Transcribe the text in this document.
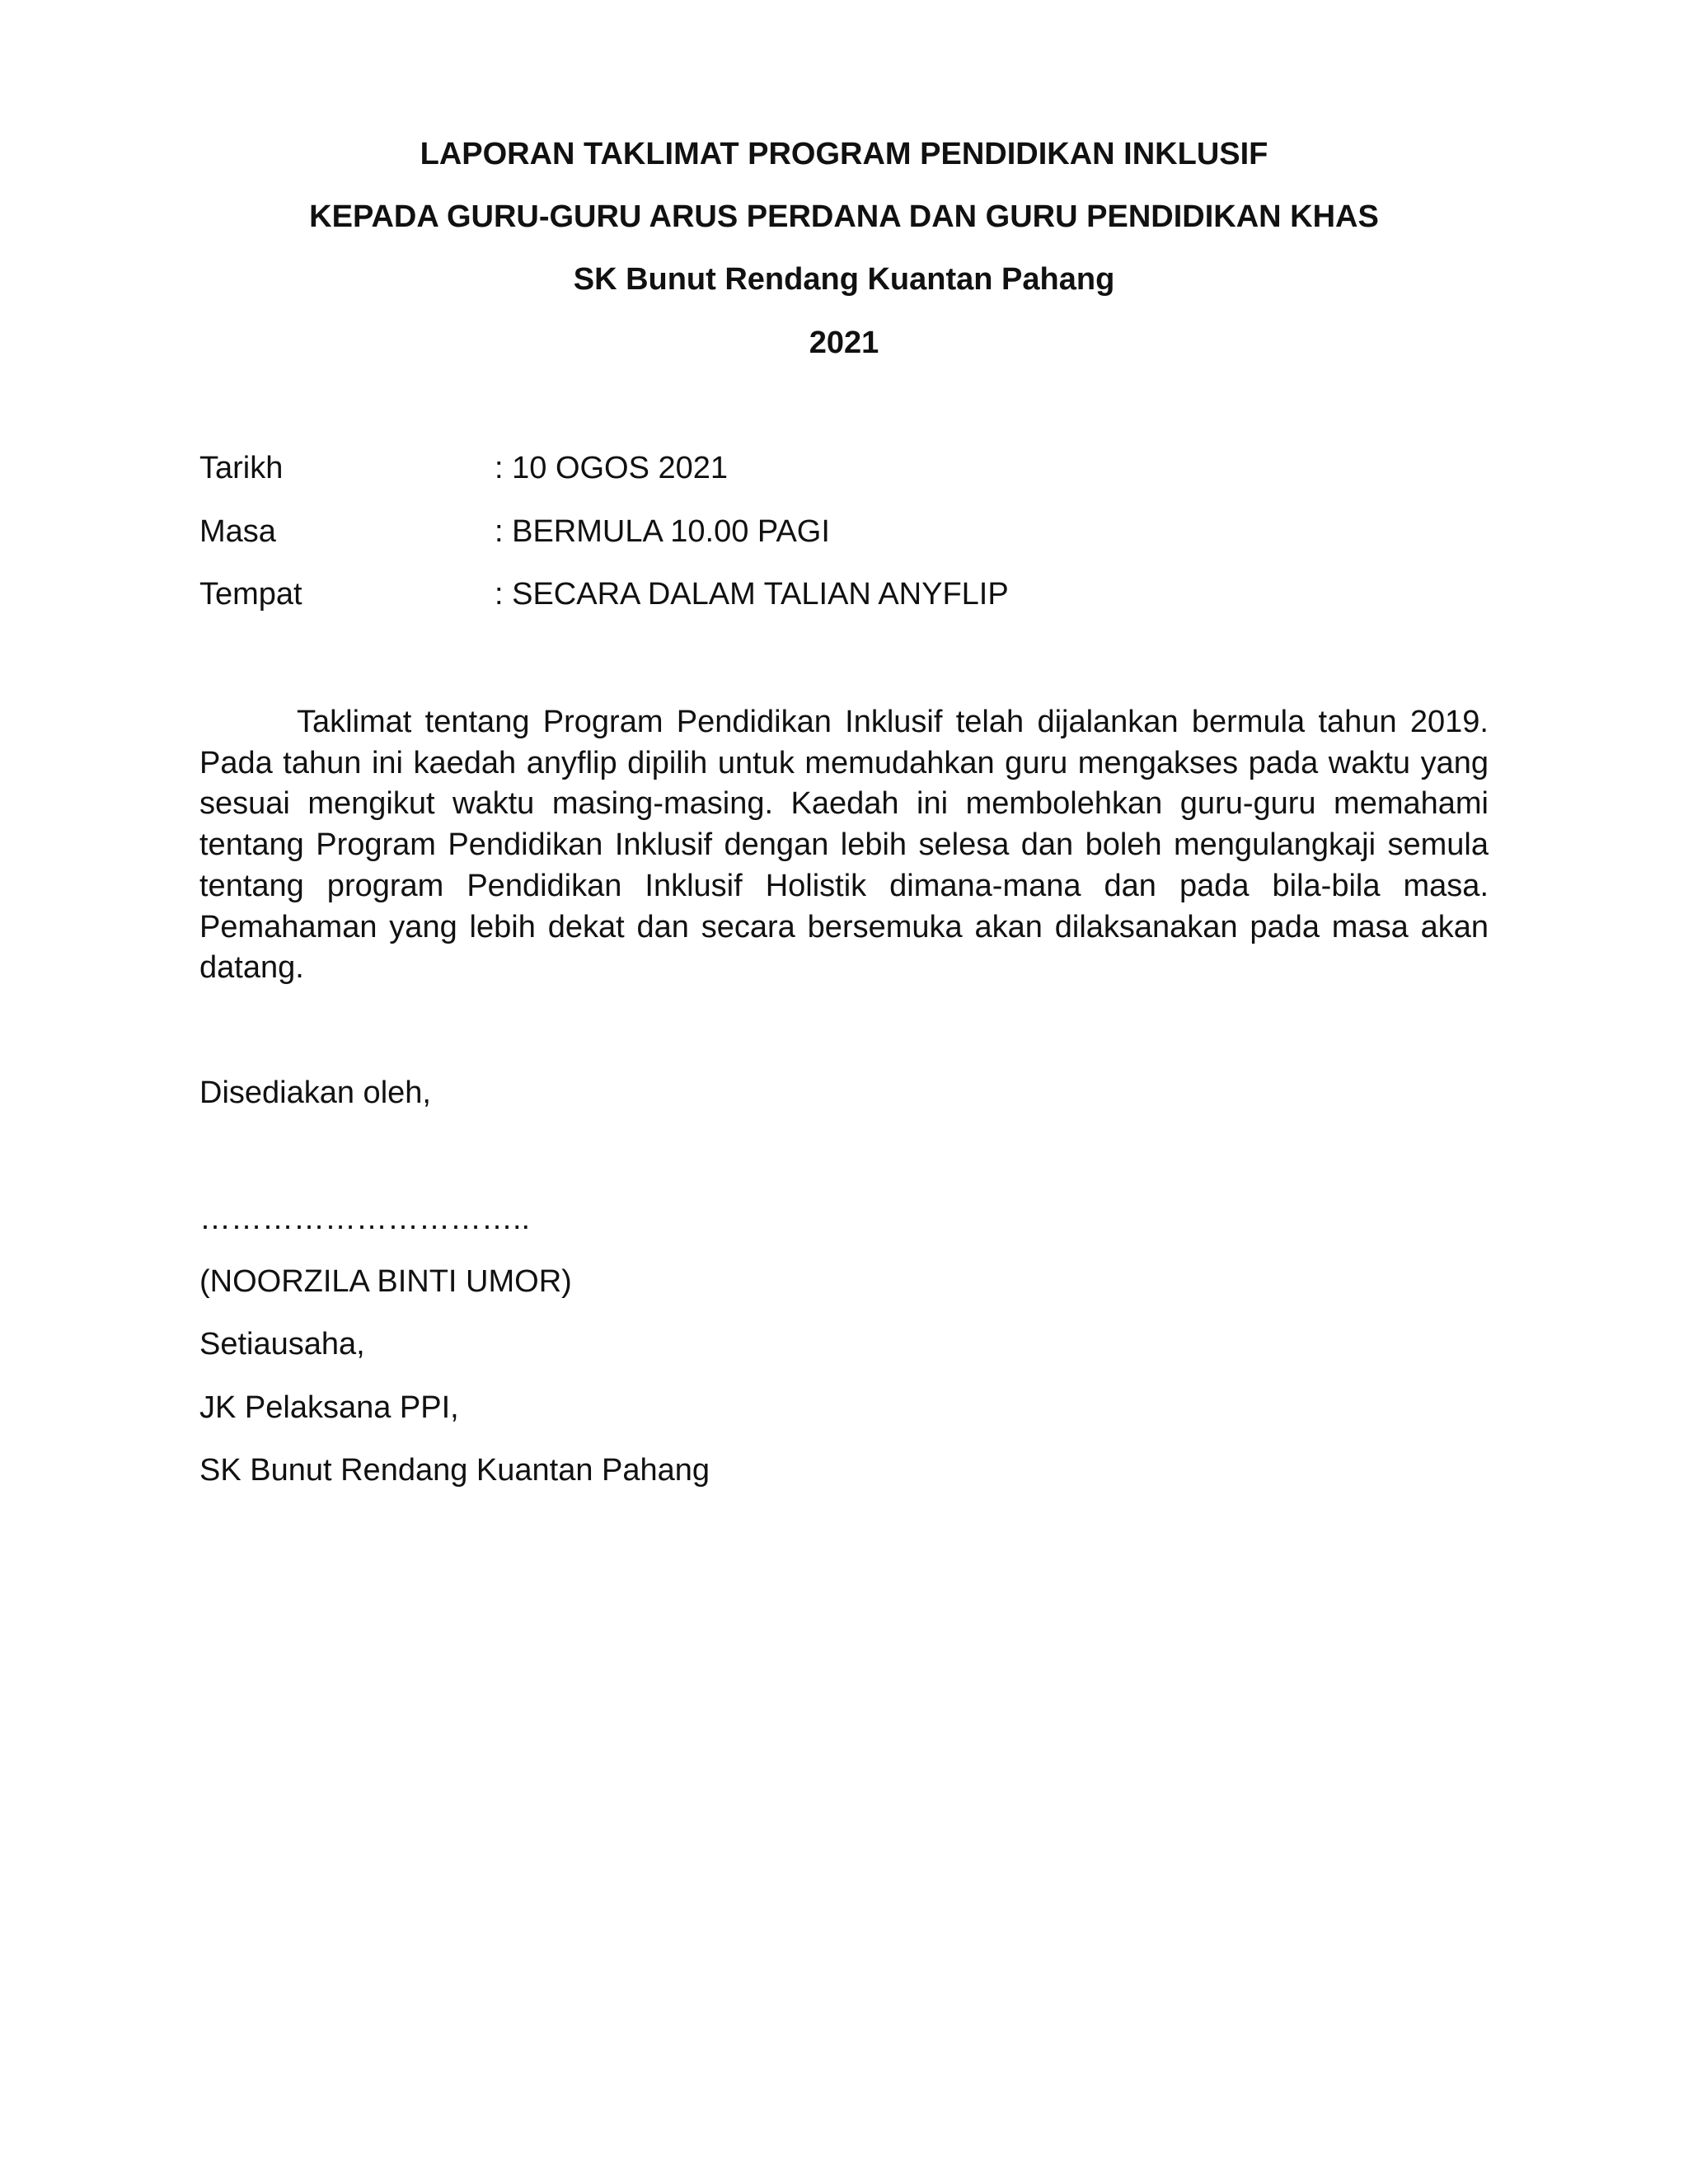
LAPORAN TAKLIMAT PROGRAM PENDIDIKAN INKLUSIF

KEPADA GURU-GURU ARUS PERDANA DAN GURU PENDIDIKAN KHAS

SK Bunut Rendang Kuantan Pahang

2021

Tarikh	: 10 OGOS 2021
Masa	: BERMULA 10.00 PAGI
Tempat	: SECARA DALAM TALIAN ANYFLIP

Taklimat tentang Program Pendidikan Inklusif telah dijalankan bermula tahun 2019. Pada tahun ini kaedah anyflip dipilih untuk memudahkan guru mengakses pada waktu yang sesuai mengikut waktu masing-masing. Kaedah ini membolehkan guru-guru memahami tentang Program Pendidikan Inklusif dengan lebih selesa dan boleh mengulangkaji semula tentang program Pendidikan Inklusif Holistik dimana-mana dan pada bila-bila masa. Pemahaman yang lebih dekat dan secara bersemuka akan dilaksanakan pada masa akan datang.

Disediakan oleh,

…………………………..

(NOORZILA BINTI UMOR)

Setiausaha,

JK Pelaksana PPI,

SK Bunut Rendang Kuantan Pahang
